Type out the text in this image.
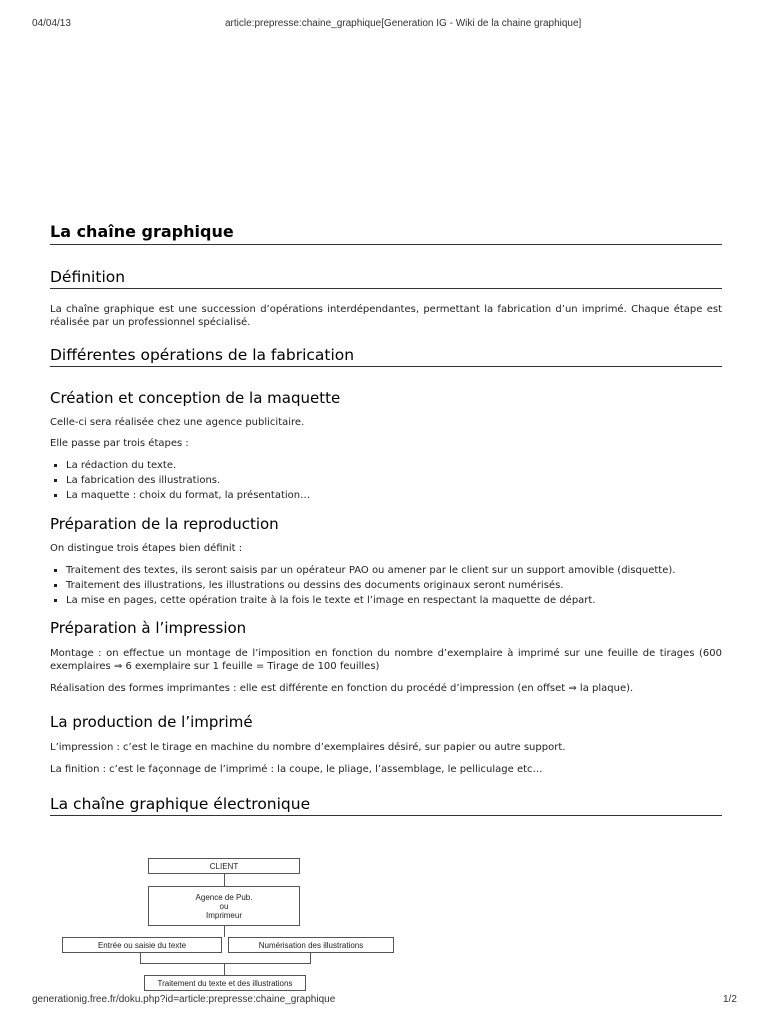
04/04/13	article:prepresse:chaine_graphique[Generation IG - Wiki de la chaine graphique]
La chaîne graphique
Définition

La chaîne graphique est une succession d’opérations interdépendantes, permettant la fabrication d’un imprimé. Chaque étape est réalisée par un professionnel spécialisé.

Différentes opérations de la fabrication
Création et conception de la maquette

Celle-ci sera réalisée chez une agence publicitaire.

Elle passe par trois étapes :

▪ La rédaction du texte.
▪ La fabrication des illustrations.
▪ La maquette : choix du format, la présentation…
Préparation de la reproduction

On distingue trois étapes bien définit :

▪ Traitement des textes, ils seront saisis par un opérateur PAO ou amener par le client sur un support amovible (disquette).
▪ Traitement des illustrations, les illustrations ou dessins des documents originaux seront numérisés.
▪ La mise en pages, cette opération traite à la fois le texte et l’image en respectant la maquette de départ.
Préparation à l’impression

Montage : on effectue un montage de l’imposition en fonction du nombre d’exemplaire à imprimé sur une feuille de tirages (600 exemplaires ⇒ 6 exemplaire sur 1 feuille = Tirage de 100 feuilles)

Réalisation des formes imprimantes : elle est différente en fonction du procédé d’impression (en offset ⇒ la plaque).

La production de l’imprimé

L’impression : c’est le tirage en machine du nombre d’exemplaires désiré, sur papier ou autre support.

La finition : c’est le façonnage de l’imprimé : la coupe, le pliage, l’assemblage, le pelliculage etc…

La chaîne graphique électronique
CLIENT
Agence de Pub.
ou
Imprimeur
Entrée ou saisie du texte	Numérisation des illustrations
Traitement du texte et des illustrations
generationig.free.fr/doku.php?id=article:prepresse:chaine_graphique	1/2
